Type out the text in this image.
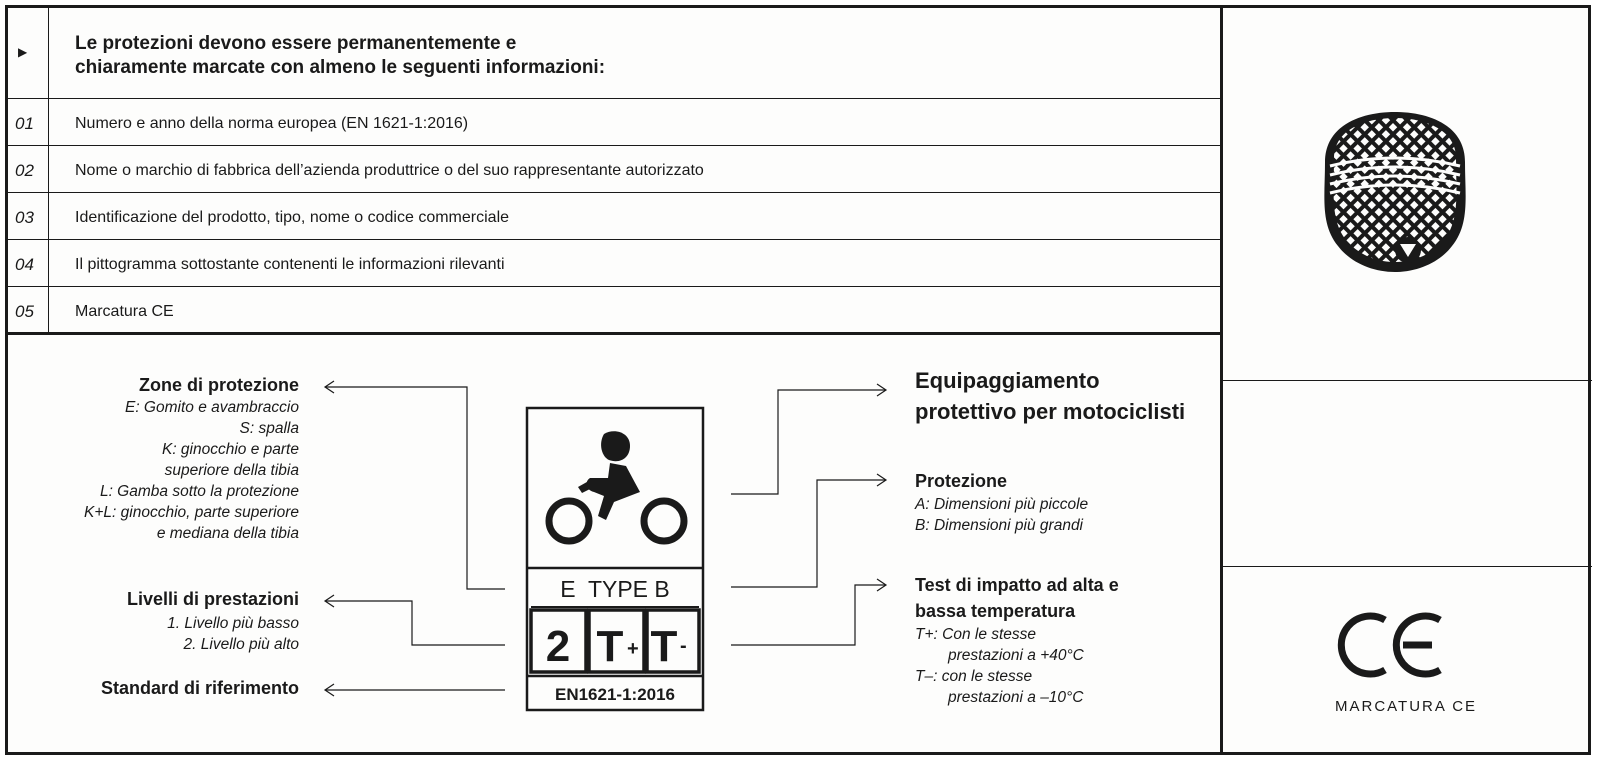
▶	Le protezioni devono essere permanentemente e
chiaramente marcate con almeno le seguenti informazioni:
01	Numero e anno della norma europea (EN 1621-1:2016)
02	Nome o marchio di fabbrica dell’azienda produttrice o del suo rappresentante autorizzato
03	Identificazione del prodotto, tipo, nome o codice commerciale
04	Il pittogramma sottostante contenenti le informazioni rilevanti
05	Marcatura CE
Zone di protezione
E: Gomito e avambraccio
S: spalla
K: ginocchio e parte
superiore della tibia
L: Gamba sotto la protezione
K+L: ginocchio, parte superiore
e mediana della tibia
Livelli di prestazioni
1. Livello più basso
2. Livello più alto
Standard di riferimento
Equipaggiamento
protettivo per motociclisti
Protezione
A: Dimensioni più piccole
B: Dimensioni più grandi
Test di impatto ad alta e
bassa temperatura
T+: Con le stesse
prestazioni a +40°C
T–: con le stesse
prestazioni a –10°C
MARCATURA CE
E  TYPE B
2 T + T -
EN1621-1:2016
